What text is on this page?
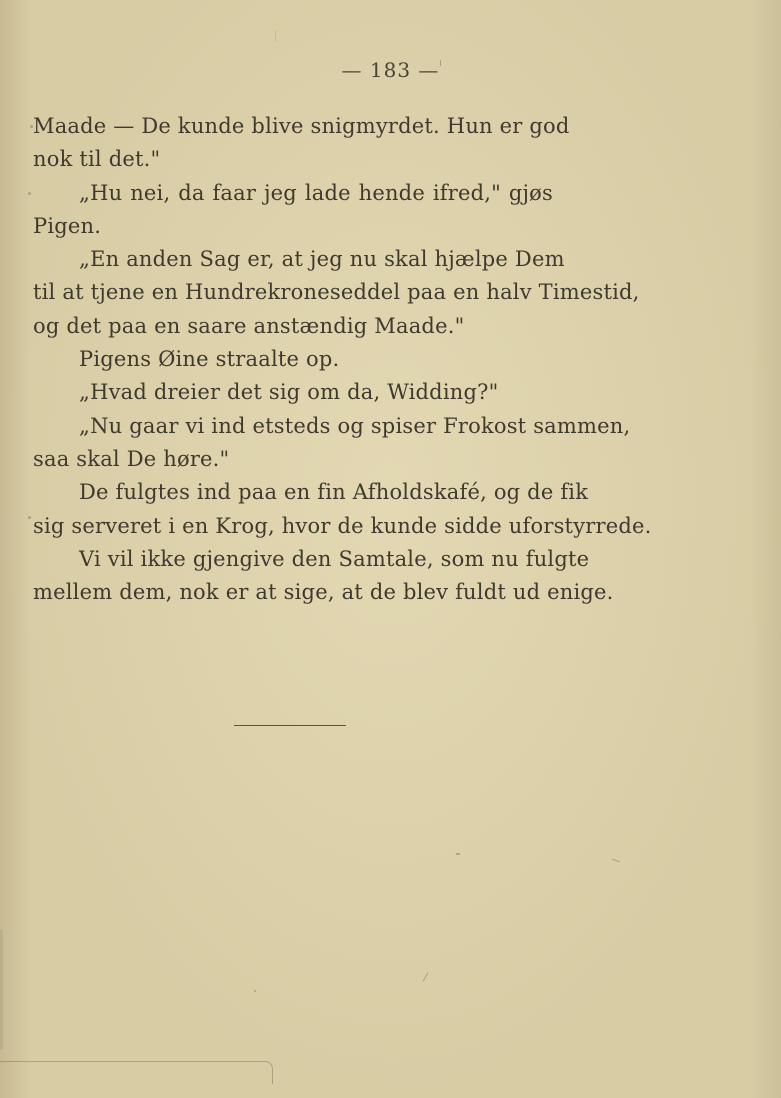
— 183 —
Maade — De kunde blive snigmyrdet. Hun er god
nok til det."
„Hu nei, da faar jeg lade hende ifred," gjøs
Pigen.
„En anden Sag er, at jeg nu skal hjælpe Dem
til at tjene en Hundrekroneseddel paa en halv Timestid,
og det paa en saare anstændig Maade."
Pigens Øine straalte op.
„Hvad dreier det sig om da, Widding?"
„Nu gaar vi ind etsteds og spiser Frokost sammen,
saa skal De høre."
De fulgtes ind paa en fin Afholdskafé, og de fik
sig serveret i en Krog, hvor de kunde sidde uforstyrrede.
Vi vil ikke gjengive den Samtale, som nu fulgte
mellem dem, nok er at sige, at de blev fuldt ud enige.
